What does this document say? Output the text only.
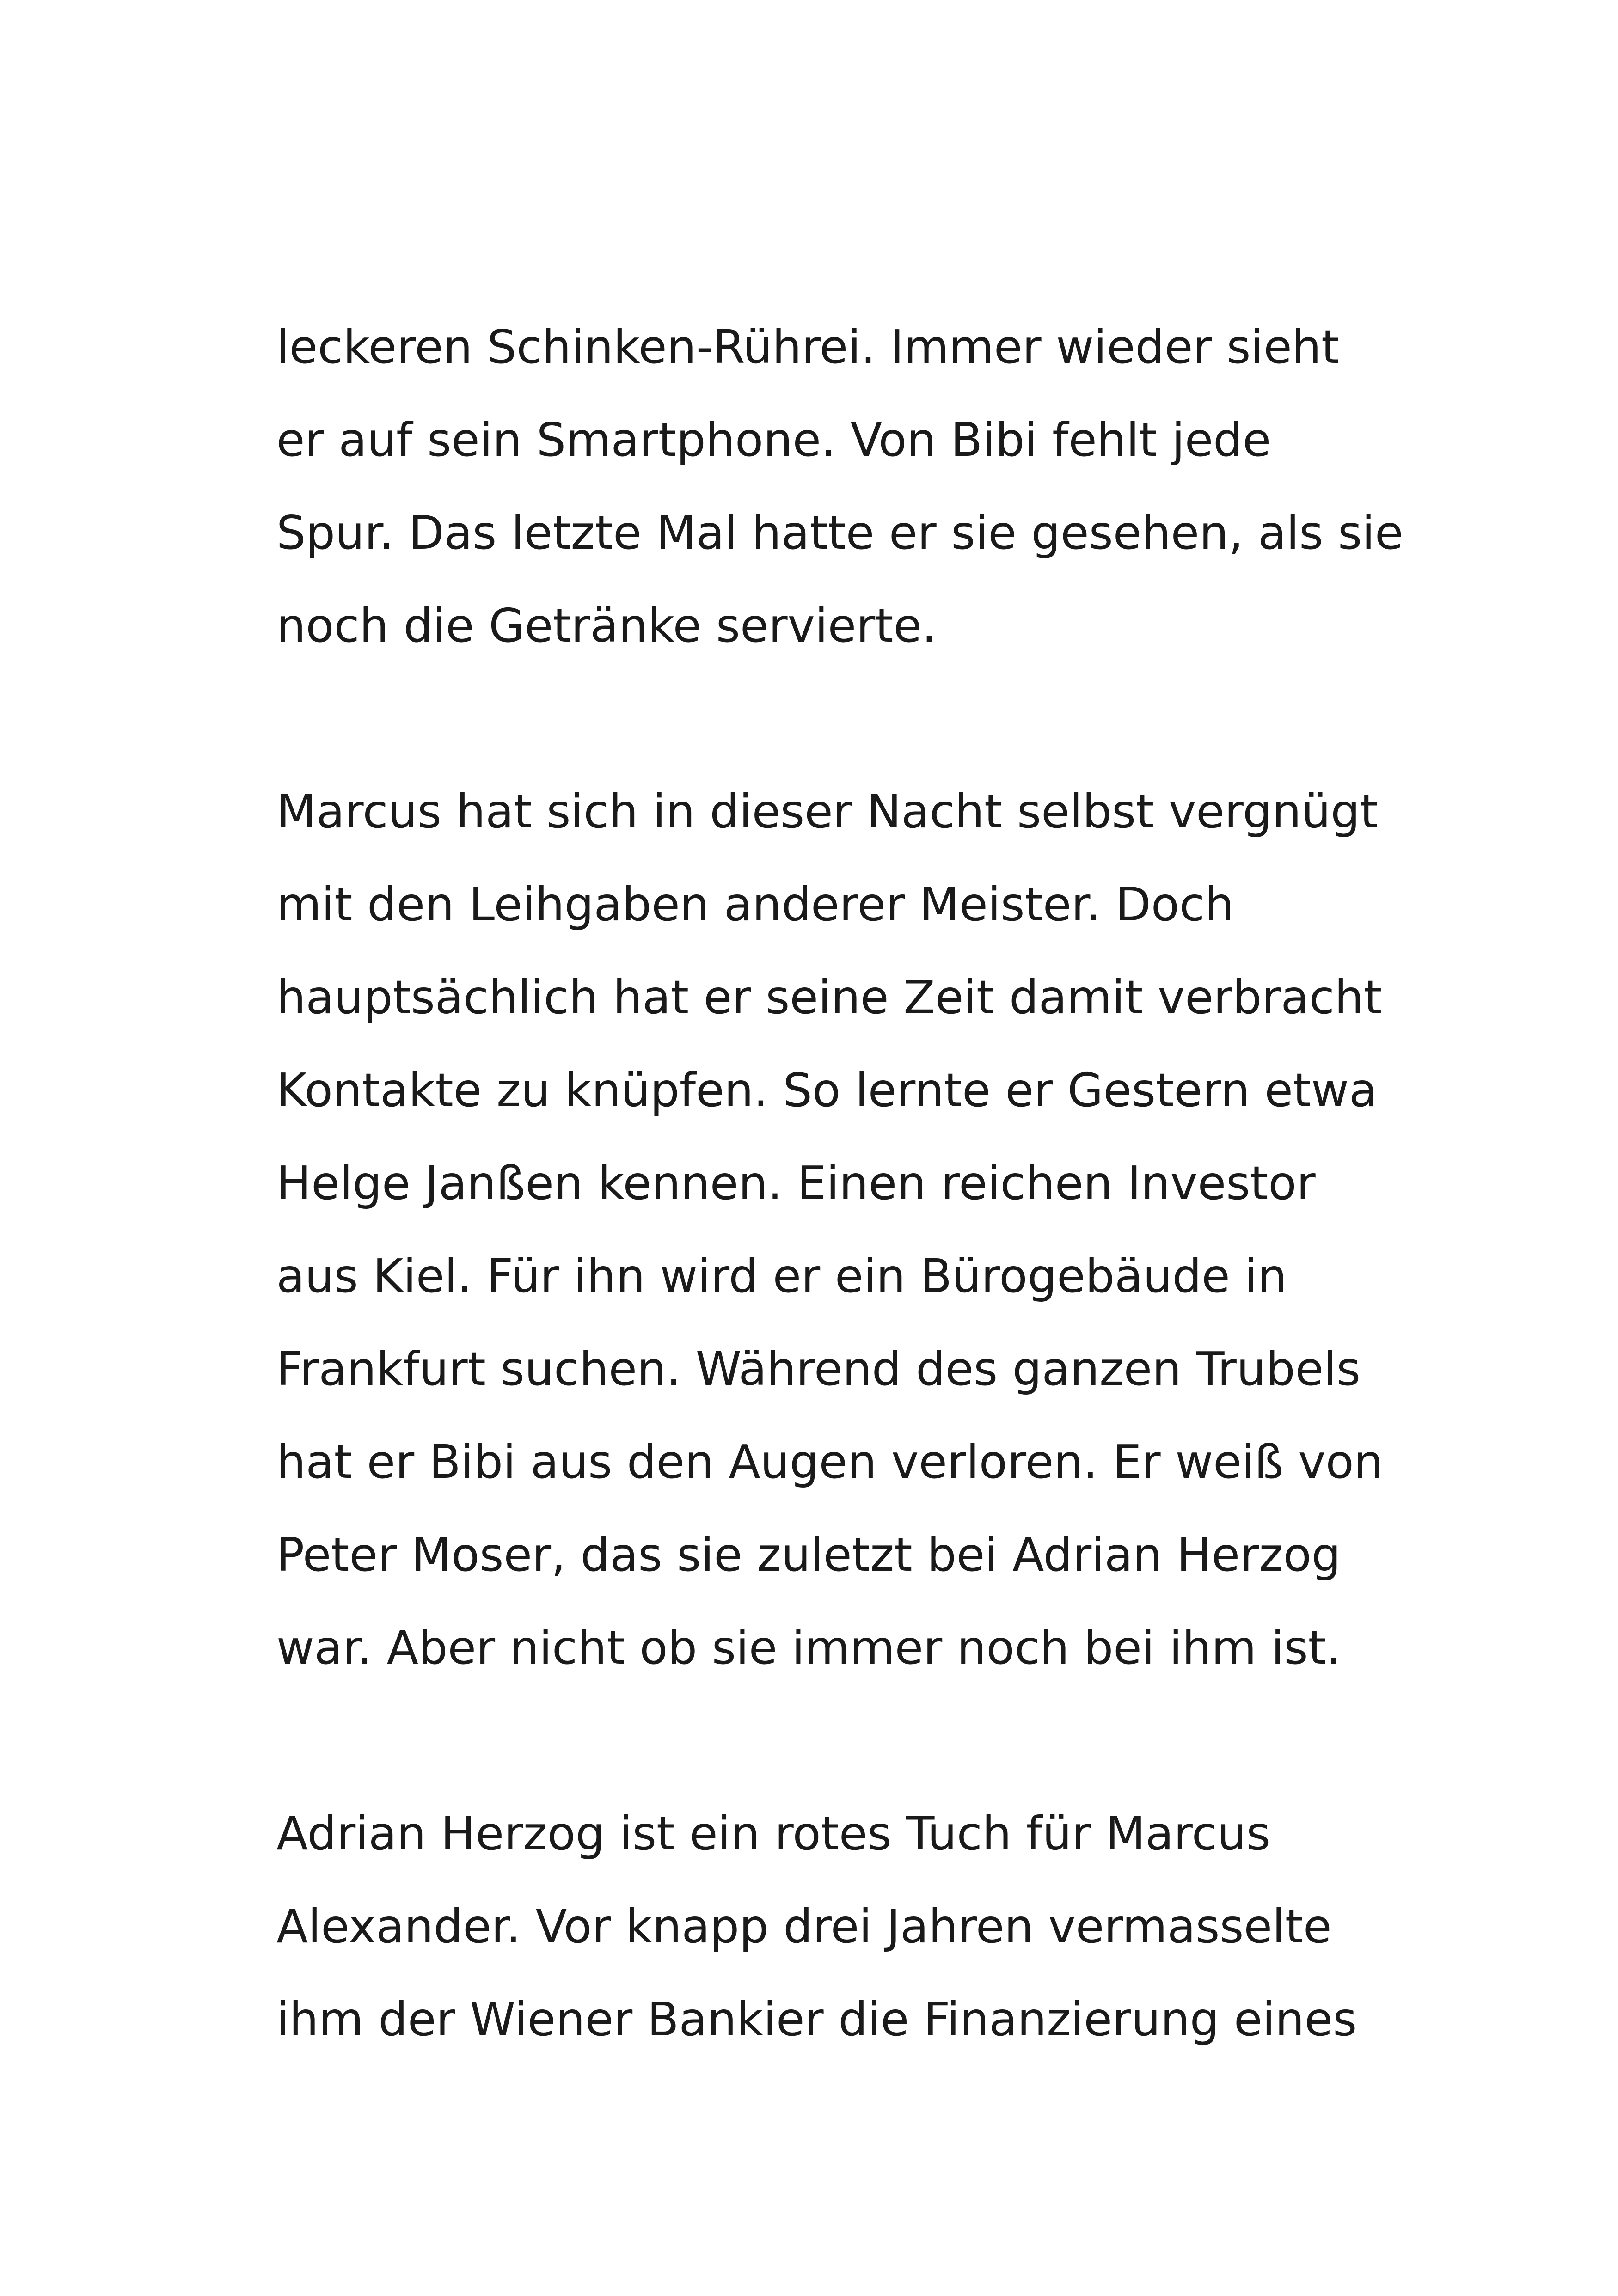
leckeren Schinken-Rührei. Immer wieder sieht
er auf sein Smartphone. Von Bibi fehlt jede
Spur. Das letzte Mal hatte er sie gesehen, als sie
noch die Getränke servierte.

Marcus hat sich in dieser Nacht selbst vergnügt
mit den Leihgaben anderer Meister. Doch
hauptsächlich hat er seine Zeit damit verbracht
Kontakte zu knüpfen. So lernte er Gestern etwa
Helge Janßen kennen. Einen reichen Investor
aus Kiel. Für ihn wird er ein Bürogebäude in
Frankfurt suchen. Während des ganzen Trubels
hat er Bibi aus den Augen verloren. Er weiß von
Peter Moser, das sie zuletzt bei Adrian Herzog
war. Aber nicht ob sie immer noch bei ihm ist.

Adrian Herzog ist ein rotes Tuch für Marcus
Alexander. Vor knapp drei Jahren vermasselte
ihm der Wiener Bankier die Finanzierung eines
